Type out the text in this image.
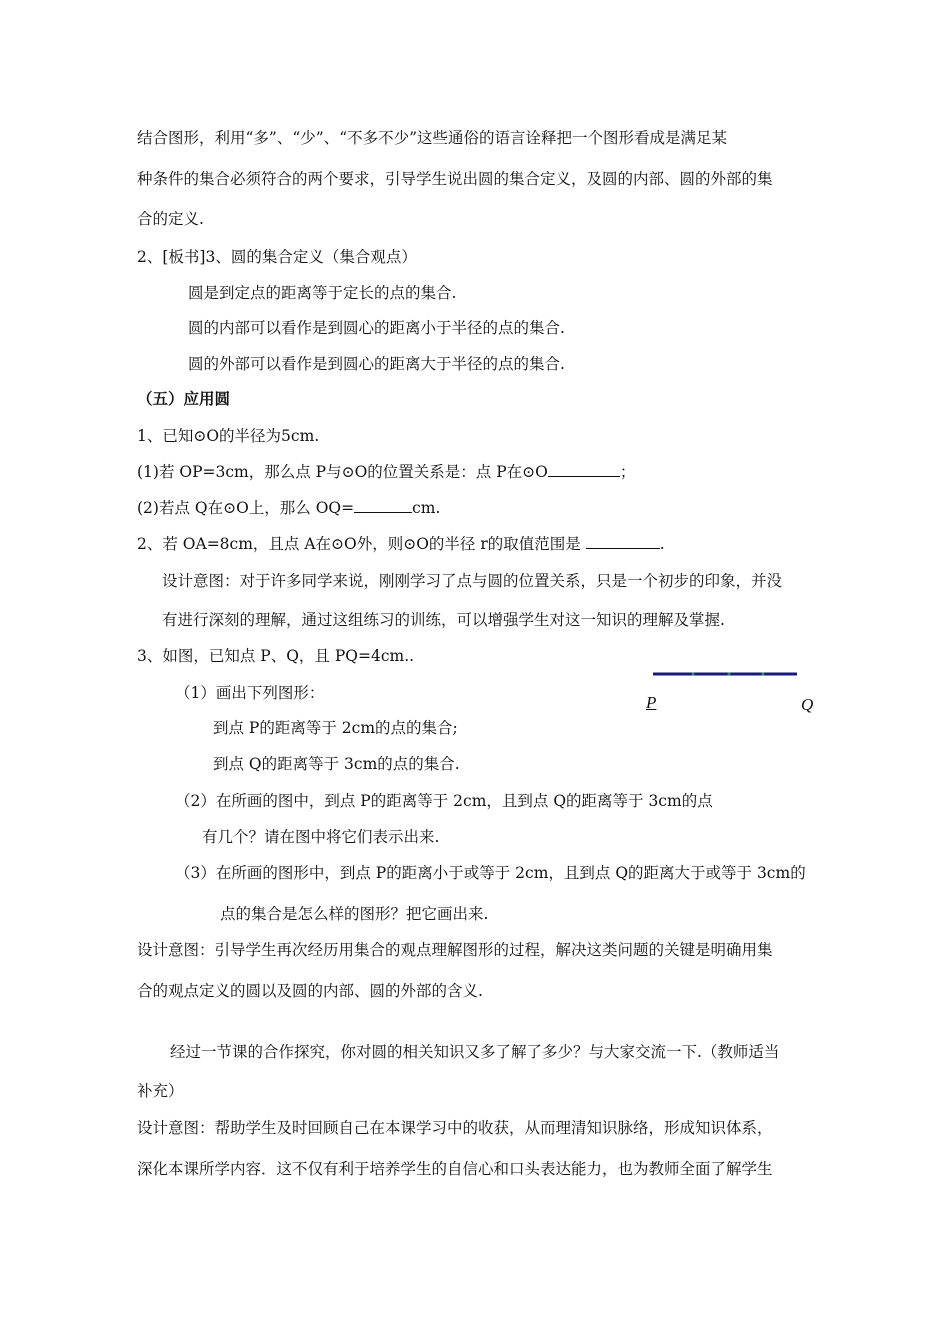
结合图形，利用“多”、“少”、“不多不少”这些通俗的语言诠释把一个图形看成是满足某
种条件的集合必须符合的两个要求，引导学生说出圆的集合定义，及圆的内部、圆的外部的集
合的定义.
2、[板书]3、圆的集合定义（集合观点）
圆是到定点的距离等于定长的点的集合.
圆的内部可以看作是到圆心的距离小于半径的点的集合.
圆的外部可以看作是到圆心的距离大于半径的点的集合.
（五）应用圆
1、已知⊙O的半径为5cm.
(1)若 OP=3cm，那么点 P与⊙O的位置关系是：点 P在⊙O	；
(2)若点 Q在⊙O上，那么 OQ=	cm.
2、若 OA=8cm，且点 A在⊙O外，则⊙O的半径 r的取值范围是	.
设计意图：对于许多同学来说，刚刚学习了点与圆的位置关系，只是一个初步的印象，并没
有进行深刻的理解，通过这组练习的训练，可以增强学生对这一知识的理解及掌握.
3、如图，已知点 P、Q，且 PQ=4cm..
（1）画出下列图形：
到点 P的距离等于 2cm的点的集合;
到点 Q的距离等于 3cm的点的集合.
（2）在所画的图中，到点 P的距离等于 2cm，且到点 Q的距离等于 3cm的点
有几个？请在图中将它们表示出来.
（3）在所画的图形中，到点 P的距离小于或等于 2cm，且到点 Q的距离大于或等于 3cm的
点的集合是怎么样的图形？把它画出来.
P	Q
设计意图：引导学生再次经历用集合的观点理解图形的过程，解决这类问题的关键是明确用集
合的观点定义的圆以及圆的内部、圆的外部的含义.
经过一节课的合作探究，你对圆的相关知识又多了解了多少？与大家交流一下.（教师适当
补充）
设计意图：帮助学生及时回顾自己在本课学习中的收获，从而理清知识脉络，形成知识体系，
深化本课所学内容．这不仅有利于培养学生的自信心和口头表达能力，也为教师全面了解学生
